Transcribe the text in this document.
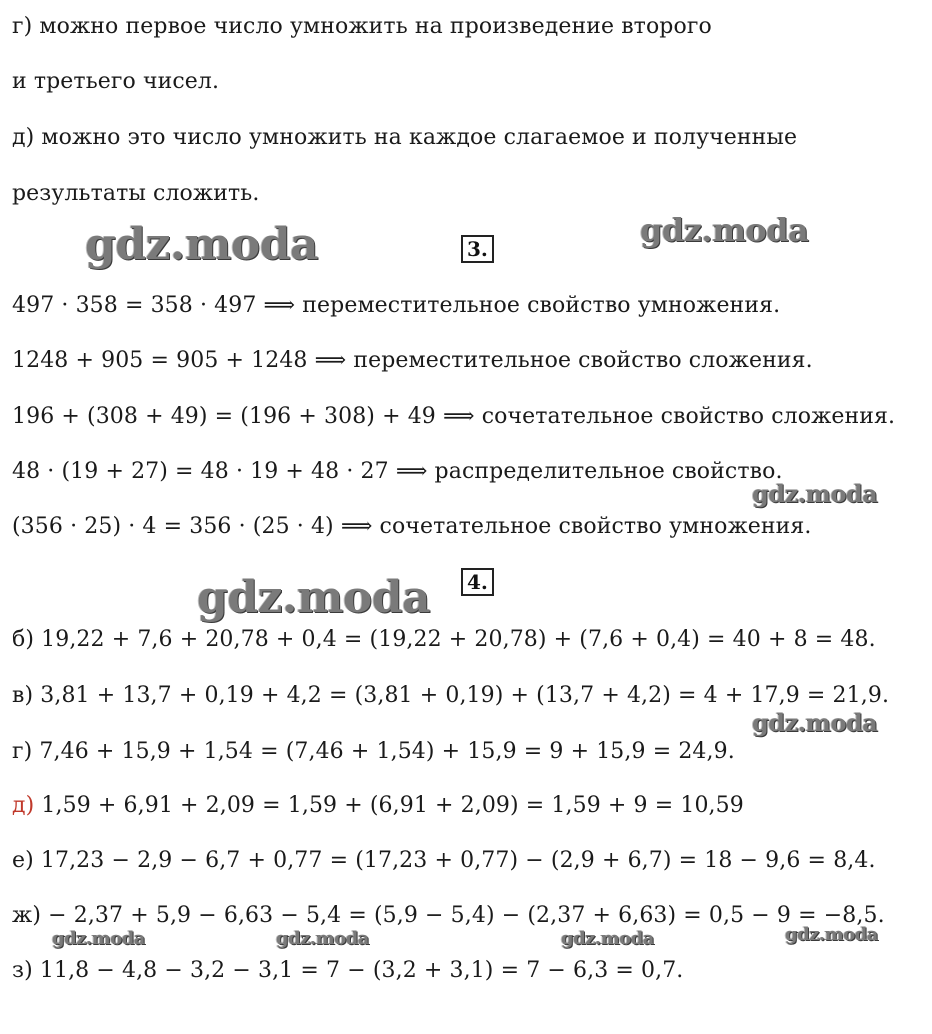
г) можно первое число умножить на произведение второго
и третьего чисел.
д) можно это число умножить на каждое слагаемое и полученные
результаты сложить.
gdz.moda	gdz.moda
3.
497 · 358 = 358 · 497 ⟹ переместительное свойство умножения.
1248 + 905 = 905 + 1248 ⟹ переместительное свойство сложения.
196 + (308 + 49) = (196 + 308) + 49 ⟹ сочетательное свойство сложения.
48 · (19 + 27) = 48 · 19 + 48 · 27 ⟹ распределительное свойство.
gdz.moda
(356 · 25) · 4 = 356 · (25 · 4) ⟹ сочетательное свойство умножения.
gdz.moda	4.
б) 19,22 + 7,6 + 20,78 + 0,4 = (19,22 + 20,78) + (7,6 + 0,4) = 40 + 8 = 48.
в) 3,81 + 13,7 + 0,19 + 4,2 = (3,81 + 0,19) + (13,7 + 4,2) = 4 + 17,9 = 21,9.
gdz.moda
г) 7,46 + 15,9 + 1,54 = (7,46 + 1,54) + 15,9 = 9 + 15,9 = 24,9.
д) 1,59 + 6,91 + 2,09 = 1,59 + (6,91 + 2,09) = 1,59 + 9 = 10,59
е) 17,23 − 2,9 − 6,7 + 0,77 = (17,23 + 0,77) − (2,9 + 6,7) = 18 − 9,6 = 8,4.
ж) − 2,37 + 5,9 − 6,63 − 5,4 = (5,9 − 5,4) − (2,37 + 6,63) = 0,5 − 9 = −8,5.
gdz.moda	gdz.moda	gdz.moda	gdz.moda
з) 11,8 − 4,8 − 3,2 − 3,1 = 7 − (3,2 + 3,1) = 7 − 6,3 = 0,7.
